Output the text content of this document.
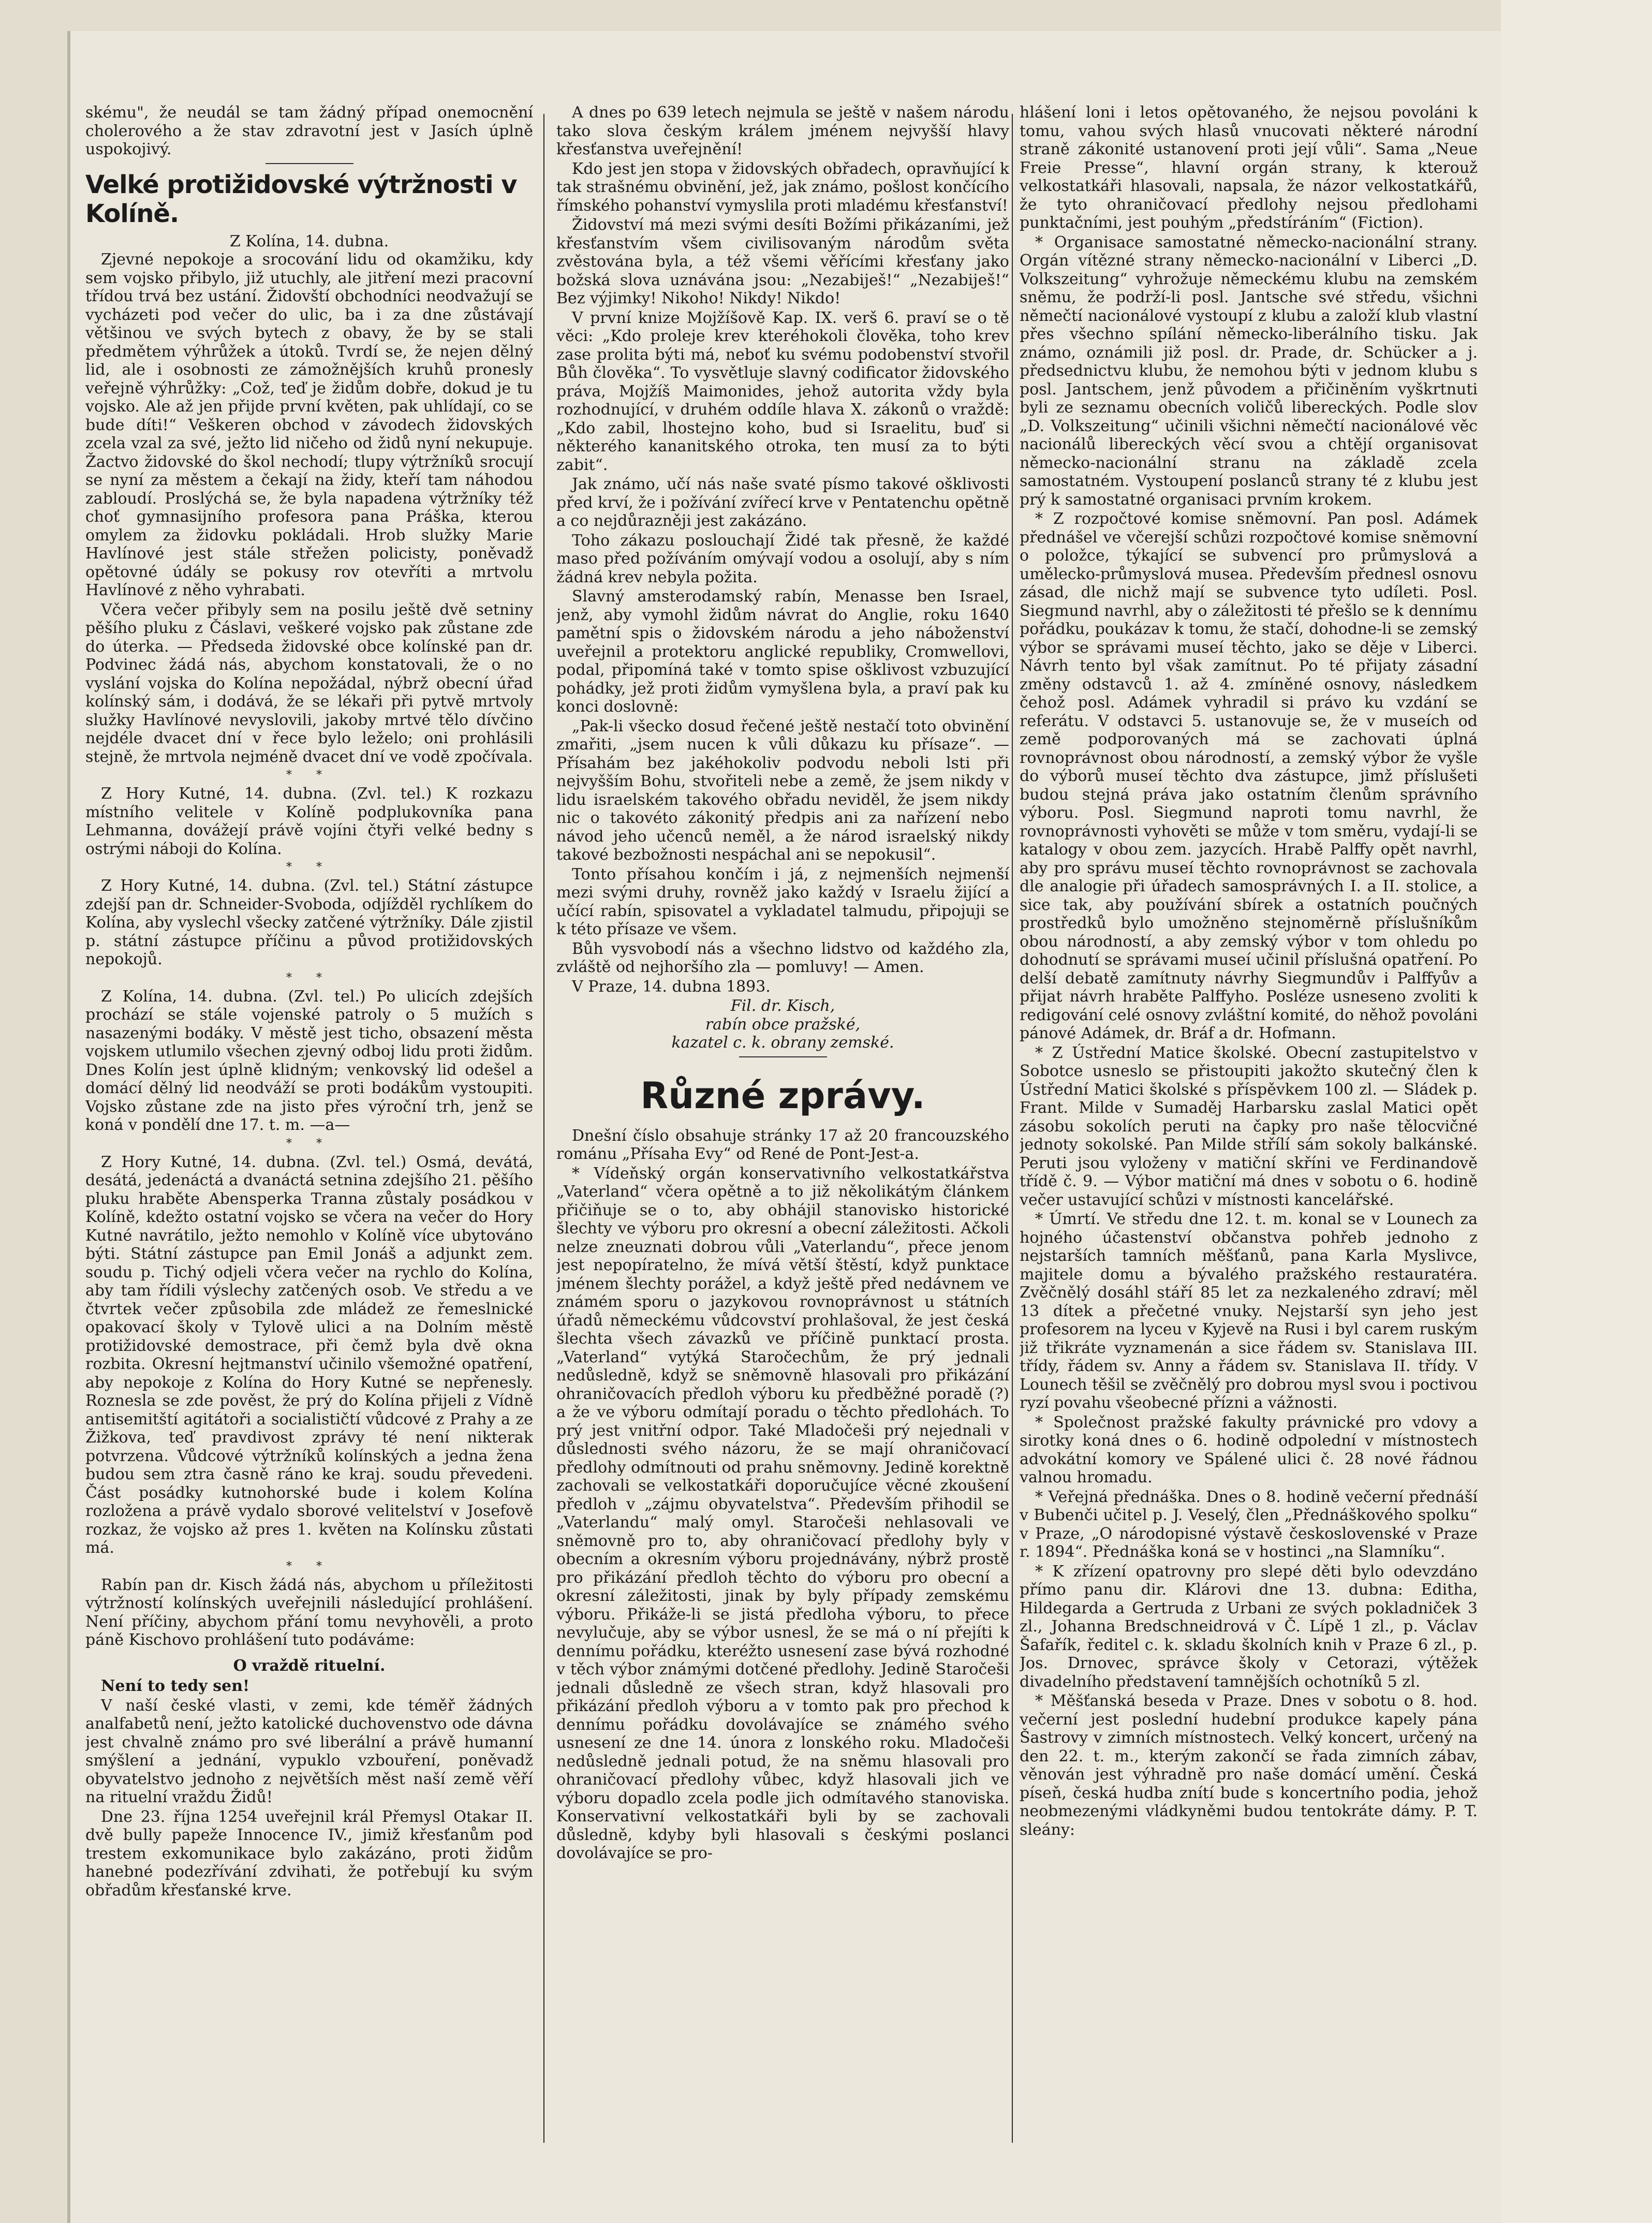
skému", že neudál se tam žádný případ onemocnění cholerového a že stav zdravotní jest v Jasích úplně uspokojivý.

Velké protižidovské výtržnosti v Kolíně.

Z Kolína, 14. dubna.

Zjevné nepokoje a srocování lidu od okamžiku, kdy sem vojsko přibylo, již utuchly, ale jitření mezi pracovní třídou trvá bez ustání. Židovští obchodníci neodvažují se vycházeti pod večer do ulic, ba i za dne zůstávají většinou ve svých bytech z obavy, že by se stali předmětem výhrůžek a útoků. Tvrdí se, že nejen dělný lid, ale i osobnosti ze zámožnějších kruhů pronesly veřejně výhrůžky: „Což, teď je židům dobře, dokud je tu vojsko. Ale až jen přijde první květen, pak uhlídají, co se bude díti!“ Veškeren obchod v závodech židovských zcela vzal za své, ježto lid ničeho od židů nyní nekupuje. Žactvo židovské do škol nechodí; tlupy výtržníků srocují se nyní za městem a čekají na židy, kteří tam náhodou zabloudí. Proslýchá se, že byla napadena výtržníky též choť gymnasijního profesora pana Práška, kterou omylem za židovku pokládali. Hrob služky Marie Havlínové jest stále střežen policisty, poněvadž opětovné údály se pokusy rov otevříti a mrtvolu Havlínové z něho vyhrabati.

Včera večer přibyly sem na posilu ještě dvě setniny pěšího pluku z Čáslavi, veškeré vojsko pak zůstane zde do úterka. — Předseda židovské obce kolínské pan dr. Podvinec žádá nás, abychom konstatovali, že o no vyslání vojska do Kolína nepožádal, nýbrž obecní úřad kolínský sám, i dodává, že se lékaři při pytvě mrtvoly služky Havlínové nevyslovili, jakoby mrtvé tělo dívčino nejdéle dvacet dní v řece bylo leželo; oni prohlásili stejně, že mrtvola nejméně dvacet dní ve vodě zpočívala.

* *

Z Hory Kutné, 14. dubna. (Zvl. tel.) K rozkazu místního velitele v Kolíně podplukovníka pana Lehmanna, dovážejí právě vojíni čtyři velké bedny s ostrými náboji do Kolína.

* *

Z Hory Kutné, 14. dubna. (Zvl. tel.) Státní zástupce zdejší pan dr. Schneider-Svoboda, odjížděl rychlíkem do Kolína, aby vyslechl všecky zatčené výtržníky. Dále zjistil p. státní zástupce příčinu a původ protižidovských nepokojů.

* *

Z Kolína, 14. dubna. (Zvl. tel.) Po ulicích zdejších prochází se stále vojenské patroly o 5 mužích s nasazenými bodáky. V městě jest ticho, obsazení města vojskem utlumilo všechen zjevný odboj lidu proti židům. Dnes Kolín jest úplně klidným; venkovský lid odešel a domácí dělný lid neodváží se proti bodákům vystoupiti. Vojsko zůstane zde na jisto přes výroční trh, jenž se koná v pondělí dne 17. t. m. —a—

* *

Z Hory Kutné, 14. dubna. (Zvl. tel.) Osmá, devátá, desátá, jedenáctá a dvanáctá setnina zdejšího 21. pěšího pluku hraběte Abensperka Tranna zůstaly posádkou v Kolíně, kdežto ostatní vojsko se včera na večer do Hory Kutné navrátilo, ježto nemohlo v Kolíně více ubytováno býti. Státní zástupce pan Emil Jonáš a adjunkt zem. soudu p. Tichý odjeli včera večer na rychlo do Kolína, aby tam řídili výslechy zatčených osob. Ve středu a ve čtvrtek večer způsobila zde mládež ze řemeslnické opakovací školy v Tylově ulici a na Dolním městě protižidovské demostrace, při čemž byla dvě okna rozbita. Okresní hejtmanství učinilo všemožné opatření, aby nepokoje z Kolína do Hory Kutné se nepřenesly. Roznesla se zde pověst, že prý do Kolína přijeli z Vídně antisemitští agitátoři a socialističtí vůdcové z Prahy a ze Žižkova, teď pravdivost zprávy té není nikterak potvrzena. Vůdcové výtržníků kolínských a jedna žena budou sem ztra časně ráno ke kraj. soudu převedeni. Část posádky kutnohorské bude i kolem Kolína rozložena a právě vydalo sborové velitelství v Josefově rozkaz, že vojsko až pres 1. květen na Kolínsku zůstati má.

* *

Rabín pan dr. Kisch žádá nás, abychom u příležitosti výtržností kolínských uveřejnili následující prohlášení. Není příčiny, abychom přání tomu nevyhověli, a proto páně Kischovo prohlášení tuto podáváme:

O vraždě rituelní.

Není to tedy sen!

V naší české vlasti, v zemi, kde téměř žádných analfabetů není, ježto katolické duchovenstvo ode dávna jest chvalně známo pro své liberální a právě humanní smýšlení a jednání, vypuklo vzbouření, poněvadž obyvatelstvo jednoho z největších měst naší země věří na rituelní vraždu Židů!

Dne 23. října 1254 uveřejnil král Přemysl Otakar II. dvě bully papeže Innocence IV., jimiž křesťanům pod trestem exkomunikace bylo zakázáno, proti židům hanebné podezřívání zdvihati, že potřebují ku svým obřadům křesťanské krve.

A dnes po 639 letech nejmula se ještě v našem národu tako slova českým králem jménem nejvyšší hlavy křesťanstva uveřejnění!

Kdo jest jen stopa v židovských obřadech, opravňující k tak strašnému obvinění, jež, jak známo, pošlost končícího římského pohanství vymyslila proti mladému křesťanství!

Židovství má mezi svými desíti Božími přikázaními, jež křesťanstvím všem civilisovaným národům světa zvěstována byla, a též všemi věřícími křesťany jako božská slova uznávána jsou: „Nezabiješ!“ „Nezabiješ!“ Bez výjimky! Nikoho! Nikdy! Nikdo!

V první knize Mojžíšově Kap. IX. verš 6. praví se o tě věci: „Kdo proleje krev kteréhokoli člověka, toho krev zase prolita býti má, neboť ku svému podobenství stvořil Bůh člověka“. To vysvětluje slavný codificator židovského práva, Mojžíš Maimonides, jehož autorita vždy byla rozhodnující, v druhém oddíle hlava X. zákonů o vraždě: „Kdo zabil, lhostejno koho, bud si Israelitu, buď si některého kananitského otroka, ten musí za to býti zabit“.

Jak známo, učí nás naše svaté písmo takové ošklivosti před krví, že i požívání zvířecí krve v Pentatenchu opětně a co nejdůrazněji jest zakázáno.

Toho zákazu poslouchají Židé tak přesně, že každé maso před požíváním omývají vodou a osolují, aby s ním žádná krev nebyla požita.

Slavný amsterodamský rabín, Menasse ben Israel, jenž, aby vymohl židům návrat do Anglie, roku 1640 pamětní spis o židovském národu a jeho náboženství uveřejnil a protektoru anglické republiky, Cromwellovi, podal, připomíná také v tomto spise ošklivost vzbuzující pohádky, jež proti židům vymyšlena byla, a praví pak ku konci doslovně:

„Pak-li všecko dosud řečené ještě nestačí toto obvinění zmařiti, „jsem nucen k vůli důkazu ku přísaze“. — Přísahám bez jakéhokoliv podvodu neboli lsti při nejvyšším Bohu, stvořiteli nebe a země, že jsem nikdy v lidu israelském takového obřadu neviděl, že jsem nikdy nic o takovéto zákonitý předpis ani za nařízení nebo návod jeho učenců neměl, a že národ israelský nikdy takové bezbožnosti nespáchal ani se nepokusil“.

Tonto přísahou končím i já, z nejmenších nejmenší mezi svými druhy, rovněž jako každý v Israelu žijící a učící rabín, spisovatel a vykladatel talmudu, připojuji se k této přísaze ve všem.

Bůh vysvobodí nás a všechno lidstvo od každého zla, zvláště od nejhoršího zla — pomluvy! — Amen.

V Praze, 14. dubna 1893.

Fil. dr. Kisch,

rabín obce pražské,

kazatel c. k. obrany zemské.

Různé zprávy.

Dnešní číslo obsahuje stránky 17 až 20 francouzského románu „Přísaha Evy“ od René de Pont-Jest-a.

* Vídeňský orgán konservativního velkostatkářstva „Vaterland“ včera opětně a to již několikátým článkem přičiňuje se o to, aby obhájil stanovisko historické šlechty ve výboru pro okresní a obecní záležitosti. Ačkoli nelze zneuznati dobrou vůli „Vaterlandu“, přece jenom jest nepopíratelno, že mívá větší štěstí, když punktace jménem šlechty porážel, a když ještě před nedávnem ve známém sporu o jazykovou rovnoprávnost u státních úřadů německému vůdcovství prohlašoval, že jest česká šlechta všech závazků ve příčině punktací prosta. „Vaterland“ vytýká Staročechům, že prý jednali nedůsledně, když se sněmovně hlasovali pro přikázání ohraničovacích předloh výboru ku předběžné poradě (?) a že ve výboru odmítají poradu o těchto předlohách. To prý jest vnitřní odpor. Také Mladočeši prý nejednali v důslednosti svého názoru, že se mají ohraničovací předlohy odmítnouti od prahu sněmovny. Jedině korektně zachovali se velkostatkáři doporučujíce věcné zkoušení předloh v „zájmu obyvatelstva“. Především přihodil se „Vaterlandu“ malý omyl. Staročeši nehlasovali ve sněmovně pro to, aby ohraničovací předlohy byly v obecním a okresním výboru projednávány, nýbrž prostě pro přikázání předloh těchto do výboru pro obecní a okresní záležitosti, jinak by byly případy zemskému výboru. Přikáže-li se jistá předloha výboru, to přece nevylučuje, aby se výbor usnesl, že se má o ní přejíti k dennímu pořádku, kteréžto usnesení zase bývá rozhodné v těch výbor známými dotčené předlohy. Jedině Staročeši jednali důsledně ze všech stran, když hlasovali pro přikázání předloh výboru a v tomto pak pro přechod k dennímu pořádku dovolávajíce se známého svého usnesení ze dne 14. února z lonského roku. Mladočeši nedůsledně jednali potud, že na sněmu hlasovali pro ohraničovací předlohy vůbec, když hlasovali jich ve výboru dopadlo zcela podle jich odmítavého stanoviska. Konservativní velkostatkáři byli by se zachovali důsledně, kdyby byli hlasovali s českými poslanci dovolávajíce se pro-

hlášení loni i letos opětovaného, že nejsou povoláni k tomu, vahou svých hlasů vnucovati některé národní straně zákonité ustanovení proti její vůli“. Sama „Neue Freie Presse“, hlavní orgán strany, k kterouž velkostatkáři hlasovali, napsala, že názor velkostatkářů, že tyto ohraničovací předlohy nejsou předlohami punktačními, jest pouhým „předstíráním“ (Fiction).

* Organisace samostatné německo-nacionální strany. Orgán vítězné strany německo-nacionální v Liberci „D. Volkszeitung“ vyhrožuje německému klubu na zemském sněmu, že podrží-li posl. Jantsche své středu, všichni němečtí nacionálové vystoupí z klubu a založí klub vlastní přes všechno spílání německo-liberálního tisku. Jak známo, oznámili již posl. dr. Prade, dr. Schücker a j. předsednictvu klubu, že nemohou býti v jednom klubu s posl. Jantschem, jenž původem a přičiněním vyškrtnuti byli ze seznamu obecních voličů libereckých. Podle slov „D. Volkszeitung“ učinili všichni němečtí nacionálové věc nacionálů libereckých věcí svou a chtějí organisovat německo-nacionální stranu na základě zcela samostatném. Vystoupení poslanců strany té z klubu jest prý k samostatné organisaci prvním krokem.

* Z rozpočtové komise sněmovní. Pan posl. Adámek přednášel ve včerejší schůzi rozpočtové komise sněmovní o položce, týkající se subvencí pro průmyslová a umělecko-průmyslová musea. Především přednesl osnovu zásad, dle nichž mají se subvence tyto udíleti. Posl. Siegmund navrhl, aby o záležitosti té přešlo se k dennímu pořádku, poukázav k tomu, že stačí, dohodne-li se zemský výbor se správami museí těchto, jako se děje v Liberci. Návrh tento byl však zamítnut. Po té přijaty zásadní změny odstavců 1. až 4. zmíněné osnovy, následkem čehož posl. Adámek vyhradil si právo ku vzdání se referátu. V odstavci 5. ustanovuje se, že v museích od země podporovaných má se zachovati úplná rovnoprávnost obou národností, a zemský výbor že vyšle do výborů museí těchto dva zástupce, jimž příslušeti budou stejná práva jako ostatním členům správního výboru. Posl. Siegmund naproti tomu navrhl, že rovnoprávnosti vyhověti se může v tom směru, vydají-li se katalogy v obou zem. jazycích. Hrabě Palffy opět navrhl, aby pro správu museí těchto rovnoprávnost se zachovala dle analogie při úřadech samosprávných I. a II. stolice, a sice tak, aby používání sbírek a ostatních poučných prostředků bylo umožněno stejnoměrně příslušníkům obou národností, a aby zemský výbor v tom ohledu po dohodnutí se správami museí učinil příslušná opatření. Po delší debatě zamítnuty návrhy Siegmundův i Palffyův a přijat návrh hraběte Palffyho. Posléze usneseno zvoliti k redigování celé osnovy zvláštní komité, do něhož povoláni pánové Adámek, dr. Bráf a dr. Hofmann.

* Z Ústřední Matice školské. Obecní zastupitelstvo v Sobotce usneslo se přistoupiti jakožto skutečný člen k Ústřední Matici školské s příspěvkem 100 zl. — Sládek p. Frant. Milde v Sumaděj Harbarsku zaslal Matici opět zásobu sokolích peruti na čapky pro naše tělocvičné jednoty sokolské. Pan Milde střílí sám sokoly balkánské. Peruti jsou vyloženy v matiční skříni ve Ferdinandově třídě č. 9. — Výbor matiční má dnes v sobotu o 6. hodině večer ustavující schůzi v místnosti kancelářské.

* Úmrtí. Ve středu dne 12. t. m. konal se v Lounech za hojného účastenství občanstva pohřeb jednoho z nejstarších tamních měšťanů, pana Karla Myslivce, majitele domu a bývalého pražského restauratéra. Zvěčnělý dosáhl stáří 85 let za nezkaleného zdraví; měl 13 dítek a přečetné vnuky. Nejstarší syn jeho jest profesorem na lyceu v Kyjevě na Rusi i byl carem ruským již třikráte vyznamenán a sice řádem sv. Stanislava III. třídy, řádem sv. Anny a řádem sv. Stanislava II. třídy. V Lounech těšil se zvěčnělý pro dobrou mysl svou i poctivou ryzí povahu všeobecné přízni a vážnosti.

* Společnost pražské fakulty právnické pro vdovy a sirotky koná dnes o 6. hodině odpolední v místnostech advokátní komory ve Spálené ulici č. 28 nové řádnou valnou hromadu.

* Veřejná přednáška. Dnes o 8. hodině večerní přednáší v Bubenči učitel p. J. Veselý, člen „Přednáškového spolku“ v Praze, „O národopisné výstavě československé v Praze r. 1894“. Přednáška koná se v hostinci „na Slamníku“.

* K zřízení opatrovny pro slepé děti bylo odevzdáno přímo panu dir. Klárovi dne 13. dubna: Editha, Hildegarda a Gertruda z Urbani ze svých pokladniček 3 zl., Johanna Bredschneidrová v Č. Lípě 1 zl., p. Václav Šafařík, ředitel c. k. skladu školních knih v Praze 6 zl., p. Jos. Drnovec, správce školy v Cetorazi, výtěžek divadelního představení tamnějších ochotníků 5 zl.

* Měšťanská beseda v Praze. Dnes v sobotu o 8. hod. večerní jest poslední hudební produkce kapely pána Šastrovy v zimních místnostech. Velký koncert, určený na den 22. t. m., kterým zakončí se řada zimních zábav, věnován jest výhradně pro naše domácí umění. Česká píseň, česká hudba znítí bude s koncertního podia, jehož neobmezenými vládkyněmi budou tentokráte dámy. P. T. sleány:
